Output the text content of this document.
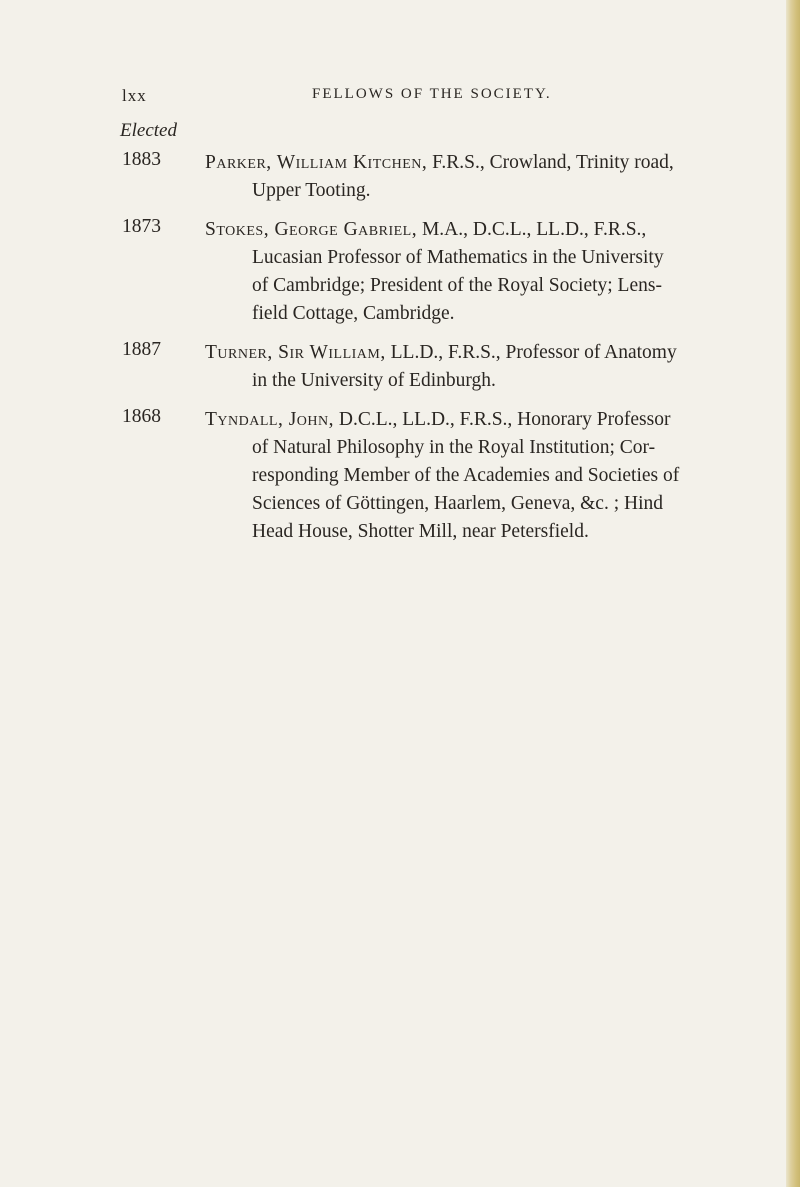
lxx	FELLOWS OF THE SOCIETY.
Elected
1883	Parker, William Kitchen, F.R.S., Crowland, Trinity road,
Upper Tooting.
1873	Stokes, George Gabriel, M.A., D.C.L., LL.D., F.R.S.,
Lucasian Professor of Mathematics in the University
of Cambridge; President of the Royal Society; Lens-
field Cottage, Cambridge.
1887	Turner, Sir William, LL.D., F.R.S., Professor of Anatomy
in the University of Edinburgh.
1868	Tyndall, John, D.C.L., LL.D., F.R.S., Honorary Professor
of Natural Philosophy in the Royal Institution; Cor-
responding Member of the Academies and Societies of
Sciences of Göttingen, Haarlem, Geneva, &c. ; Hind
Head House, Shotter Mill, near Petersfield.
